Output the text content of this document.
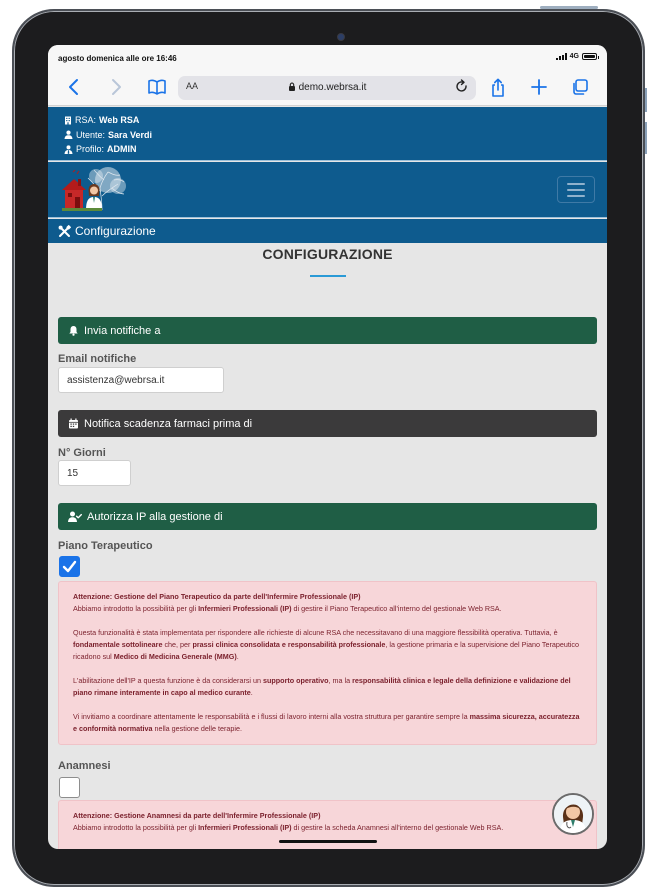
agosto domenica alle ore 16:46	4G
AA	demo.webrsa.it
RSA: Web RSA
Utente: Sara Verdi
Profilo: ADMIN
Configurazione
CONFIGURAZIONE
Invia notifiche a
Email notifiche
assistenza@webrsa.it
Notifica scadenza farmaci prima di
N° Giorni
15
Autorizza IP alla gestione di
Piano Terapeutico

Attenzione: Gestione del Piano Terapeutico da parte dell'Infermire Professionale (IP)
Abbiamo introdotto la possibilità per gli Infermieri Professionali (IP) di gestire il Piano Terapeutico all'interno del gestionale Web RSA.

Questa funzionalità è stata implementata per rispondere alle richieste di alcune RSA che necessitavano di una maggiore flessibilità operativa. Tuttavia, è fondamentale sottolineare che, per prassi clinica consolidata e responsabilità professionale, la gestione primaria e la supervisione del Piano Terapeutico ricadono sul Medico di Medicina Generale (MMG).

L'abilitazione dell'IP a questa funzione è da considerarsi un supporto operativo, ma la responsabilità clinica e legale della definizione e validazione del piano rimane interamente in capo al medico curante.

Vi invitiamo a coordinare attentamente le responsabilità e i flussi di lavoro interni alla vostra struttura per garantire sempre la massima sicurezza, accuratezza e conformità normativa nella gestione delle terapie.

Anamnesi

Attenzione: Gestione Anamnesi da parte dell'Infermire Professionale (IP)
Abbiamo introdotto la possibilità per gli Infermieri Professionali (IP) di gestire la scheda Anamnesi all'interno del gestionale Web RSA.
